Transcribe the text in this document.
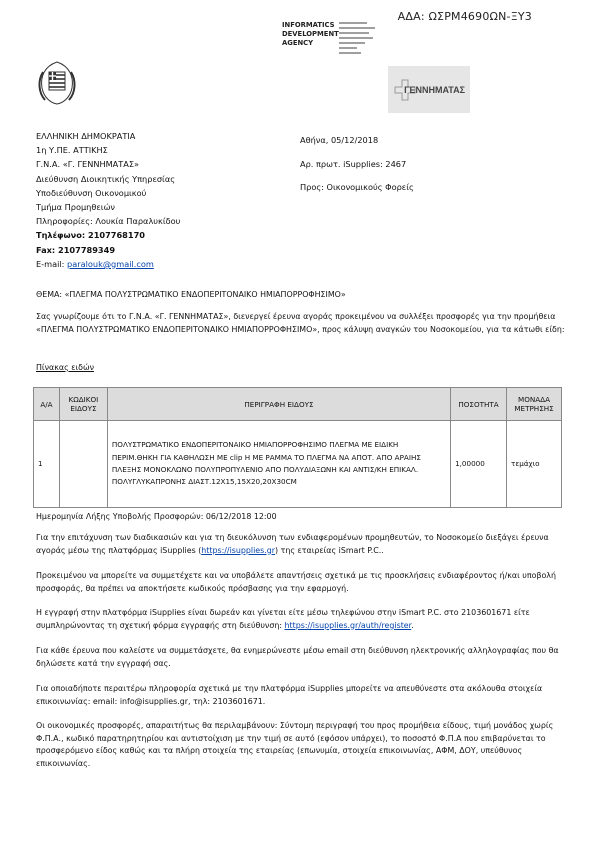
ΑΔΑ: ΩΣΡΜ4690ΩΝ-ΞΥ3
INFORMATICS
DEVELOPMENT
AGENCY
ΓΕΝΝΗΜΑΤΑΣ
ΕΛΛΗΝΙΚΗ ΔΗΜΟΚΡΑΤΙΑ
1η Υ.ΠΕ. ΑΤΤΙΚΗΣ
Γ.Ν.Α. «Γ. ΓΕΝΝΗΜΑΤΑΣ»
Διεύθυνση Διοικητικής Υπηρεσίας
Υποδιεύθυνση Οικονομικού
Τμήμα Προμηθειών
Πληροφορίες: Λουκία Παραλυκίδου
Τηλέφωνο: 2107768170
Fax: 2107789349
E-mail: paralouk@gmail.com
Αθήνα, 05/12/2018
Αρ. πρωτ. iSupplies: 2467
Προς: Οικονομικούς Φορείς
ΘΕΜΑ: «ΠΛΕΓΜΑ ΠΟΛΥΣΤΡΩΜΑΤΙΚΟ ΕΝΔΟΠΕΡΙΤΟΝΑΙΚΟ ΗΜΙΑΠΟΡΡΟΦΗΣΙΜΟ»
Σας γνωρίζουμε ότι το Γ.Ν.Α. «Γ. ΓΕΝΝΗΜΑΤΑΣ», διενεργεί έρευνα αγοράς προκειμένου να συλλέξει προσφορές για την προμήθεια «ΠΛΕΓΜΑ ΠΟΛΥΣΤΡΩΜΑΤΙΚΟ ΕΝΔΟΠΕΡΙΤΟΝΑΙΚΟ ΗΜΙΑΠΟΡΡΟΦΗΣΙΜΟ», προς κάλυψη αναγκών του Νοσοκομείου, για τα κάτωθι είδη:
Πίνακας ειδών
Α/Α	ΚΩΔΙΚΟΙ ΕΙΔΟΥΣ	ΠΕΡΙΓΡΑΦΗ ΕΙΔΟΥΣ	ΠΟΣΟΤΗΤΑ	ΜΟΝΑΔΑ ΜΕΤΡΗΣΗΣ
1		ΠΟΛΥΣΤΡΩΜΑΤΙΚΟ ΕΝΔΟΠΕΡΙΤΟΝΑΙΚΟ ΗΜΙΑΠΟΡΡΟΦΗΣΙΜΟ ΠΛΕΓΜΑ ΜΕ ΕΙΔΙΚΗ ΠΕΡΙΜ.ΘΗΚΗ ΓΙΑ ΚΑΘΗΛΩΣΗ ΜΕ clip Η ΜΕ ΡΑΜΜΑ ΤΟ ΠΛΕΓΜΑ ΝΑ ΑΠΟΤ. ΑΠΟ ΑΡΑΙΗΣ ΠΛΕΞΗΣ ΜΟΝΟΚΛΩΝΟ ΠΟΛΥΠΡΟΠΥΛΕΝΙΟ ΑΠΟ ΠΟΛΥΔΙΑΞΩΝΗ ΚΑΙ ΑΝΤΙΣ/ΚΗ ΕΠΙΚΑΛ. ΠΟΛΥΓΛΥΚΑΠΡΟΝΗΣ ΔΙΑΣΤ.12Χ15,15Χ20,20Χ30CM	1,00000	τεμάχιο
Ημερομηνία Λήξης Υποβολής Προσφορών: 06/12/2018 12:00
Για την επιτάχυνση των διαδικασιών και για τη διευκόλυνση των ενδιαφερομένων προμηθευτών, το Νοσοκομείο διεξάγει έρευνα αγοράς μέσω της πλατφόρμας iSupplies (https://isupplies.gr) της εταιρείας iSmart P.C..
Προκειμένου να μπορείτε να συμμετέχετε και να υποβάλετε απαντήσεις σχετικά με τις προσκλήσεις ενδιαφέροντος ή/και υποβολή προσφοράς, θα πρέπει να αποκτήσετε κωδικούς πρόσβασης για την εφαρμογή.
Η εγγραφή στην πλατφόρμα iSupplies είναι δωρεάν και γίνεται είτε μέσω τηλεφώνου στην iSmart P.C. στο 2103601671 είτε συμπληρώνοντας τη σχετική φόρμα εγγραφής στη διεύθυνση: https://isupplies.gr/auth/register.
Για κάθε έρευνα που καλείστε να συμμετάσχετε, θα ενημερώνεστε μέσω email στη διεύθυνση ηλεκτρονικής αλληλογραφίας που θα δηλώσετε κατά την εγγραφή σας.
Για οποιαδήποτε περαιτέρω πληροφορία σχετικά με την πλατφόρμα iSupplies μπορείτε να απευθύνεστε στα ακόλουθα στοιχεία επικοινωνίας: email: info@isupplies.gr, τηλ: 2103601671.
Οι οικονομικές προσφορές, απαραιτήτως θα περιλαμβάνουν: Σύντομη περιγραφή του προς προμήθεια είδους, τιμή μονάδος χωρίς Φ.Π.Α., κωδικό παρατηρητηρίου και αντιστοίχιση με την τιμή σε αυτό (εφόσον υπάρχει), το ποσοστό Φ.Π.Α που επιβαρύνεται το προσφερόμενο είδος καθώς και τα πλήρη στοιχεία της εταιρείας (επωνυμία, στοιχεία επικοινωνίας, ΑΦΜ, ΔΟΥ, υπεύθυνος επικοινωνίας.
